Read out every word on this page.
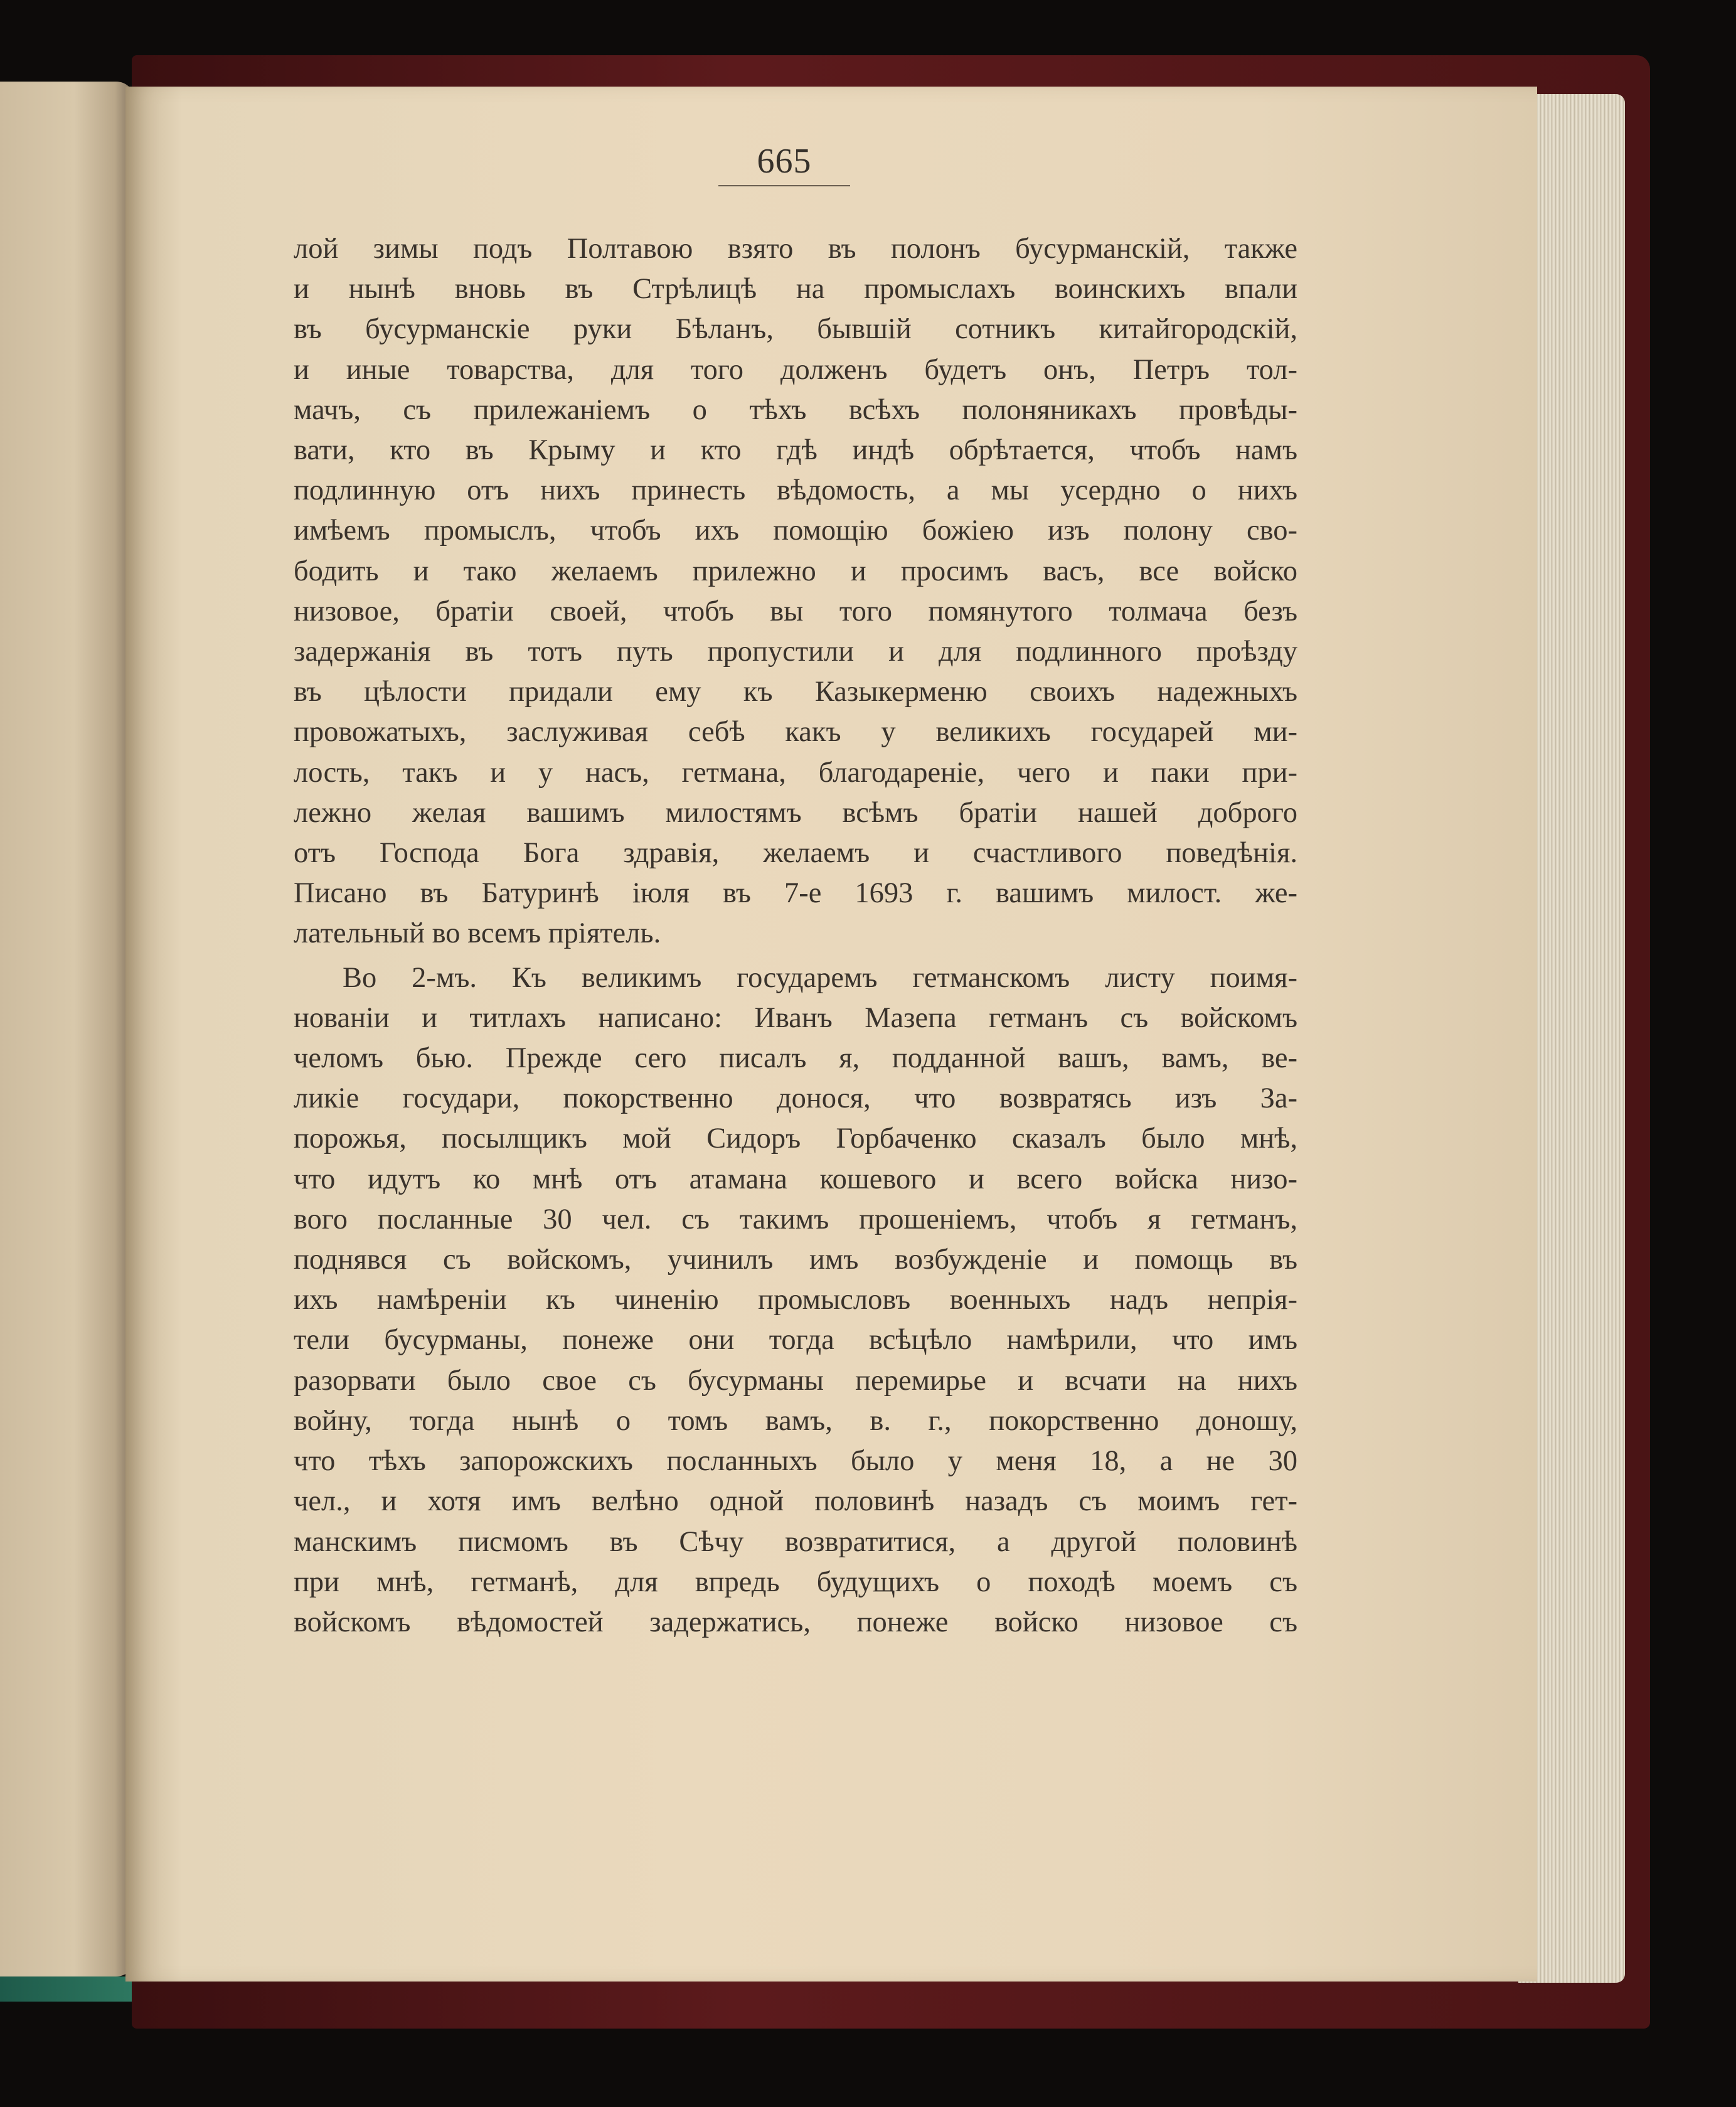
665
лой зимы подъ Полтавою взято въ полонъ бусурманскій, также
и нынѣ вновь въ Стрѣлицѣ на промыслахъ воинскихъ впали
въ бусурманскіе руки Бѣланъ, бывшій сотникъ китайгородскій,
и иные товарства, для того долженъ будетъ онъ, Петръ тол-
мачъ, съ прилежаніемъ о тѣхъ всѣхъ полоняникахъ провѣды-
вати, кто въ Крыму и кто гдѣ индѣ обрѣтается, чтобъ намъ
подлинную отъ нихъ принесть вѣдомость, а мы усердно о нихъ
имѣемъ промыслъ, чтобъ ихъ помощію божіею изъ полону сво-
бодить и тако желаемъ прилежно и просимъ васъ, все войско
низовое, братіи своей, чтобъ вы того помянутого толмача безъ
задержанія въ тотъ путь пропустили и для подлинного проѣзду
въ цѣлости придали ему къ Казыкерменю своихъ надежныхъ
провожатыхъ, заслуживая себѣ какъ у великихъ государей ми-
лость, такъ и у насъ, гетмана, благодареніе, чего и паки при-
лежно желая вашимъ милостямъ всѣмъ братіи нашей доброго
отъ Господа Бога здравія, желаемъ и счастливого поведѣнія.
Писано въ Батуринѣ іюля въ 7-е 1693 г. вашимъ милост. же-
лательный во всемъ пріятель.
Во 2-мъ. Къ великимъ государемъ гетманскомъ листу поимя-
нованіи и титлахъ написано: Иванъ Мазепа гетманъ съ войскомъ
челомъ бью. Прежде сего писалъ я, подданной вашъ, вамъ, ве-
ликіе государи, покорственно донося, что возвратясь изъ За-
порожья, посылщикъ мой Сидоръ Горбаченко сказалъ было мнѣ,
что идутъ ко мнѣ отъ атамана кошевого и всего войска низо-
вого посланные 30 чел. съ такимъ прошеніемъ, чтобъ я гетманъ,
поднявся съ войскомъ, учинилъ имъ возбужденіе и помощь въ
ихъ намѣреніи къ чиненію промысловъ военныхъ надъ непрія-
тели бусурманы, понеже они тогда всѣцѣло намѣрили, что имъ
разорвати было свое съ бусурманы перемирье и всчати на нихъ
войну, тогда нынѣ о томъ вамъ, в. г., покорственно доношу,
что тѣхъ запорожскихъ посланныхъ было у меня 18, а не 30
чел., и хотя имъ велѣно одной половинѣ назадъ съ моимъ гет-
манскимъ писмомъ въ Сѣчу возвратитися, а другой половинѣ
при мнѣ, гетманѣ, для впредь будущихъ о походѣ моемъ съ
войскомъ вѣдомостей задержатись, понеже войско низовое съ
